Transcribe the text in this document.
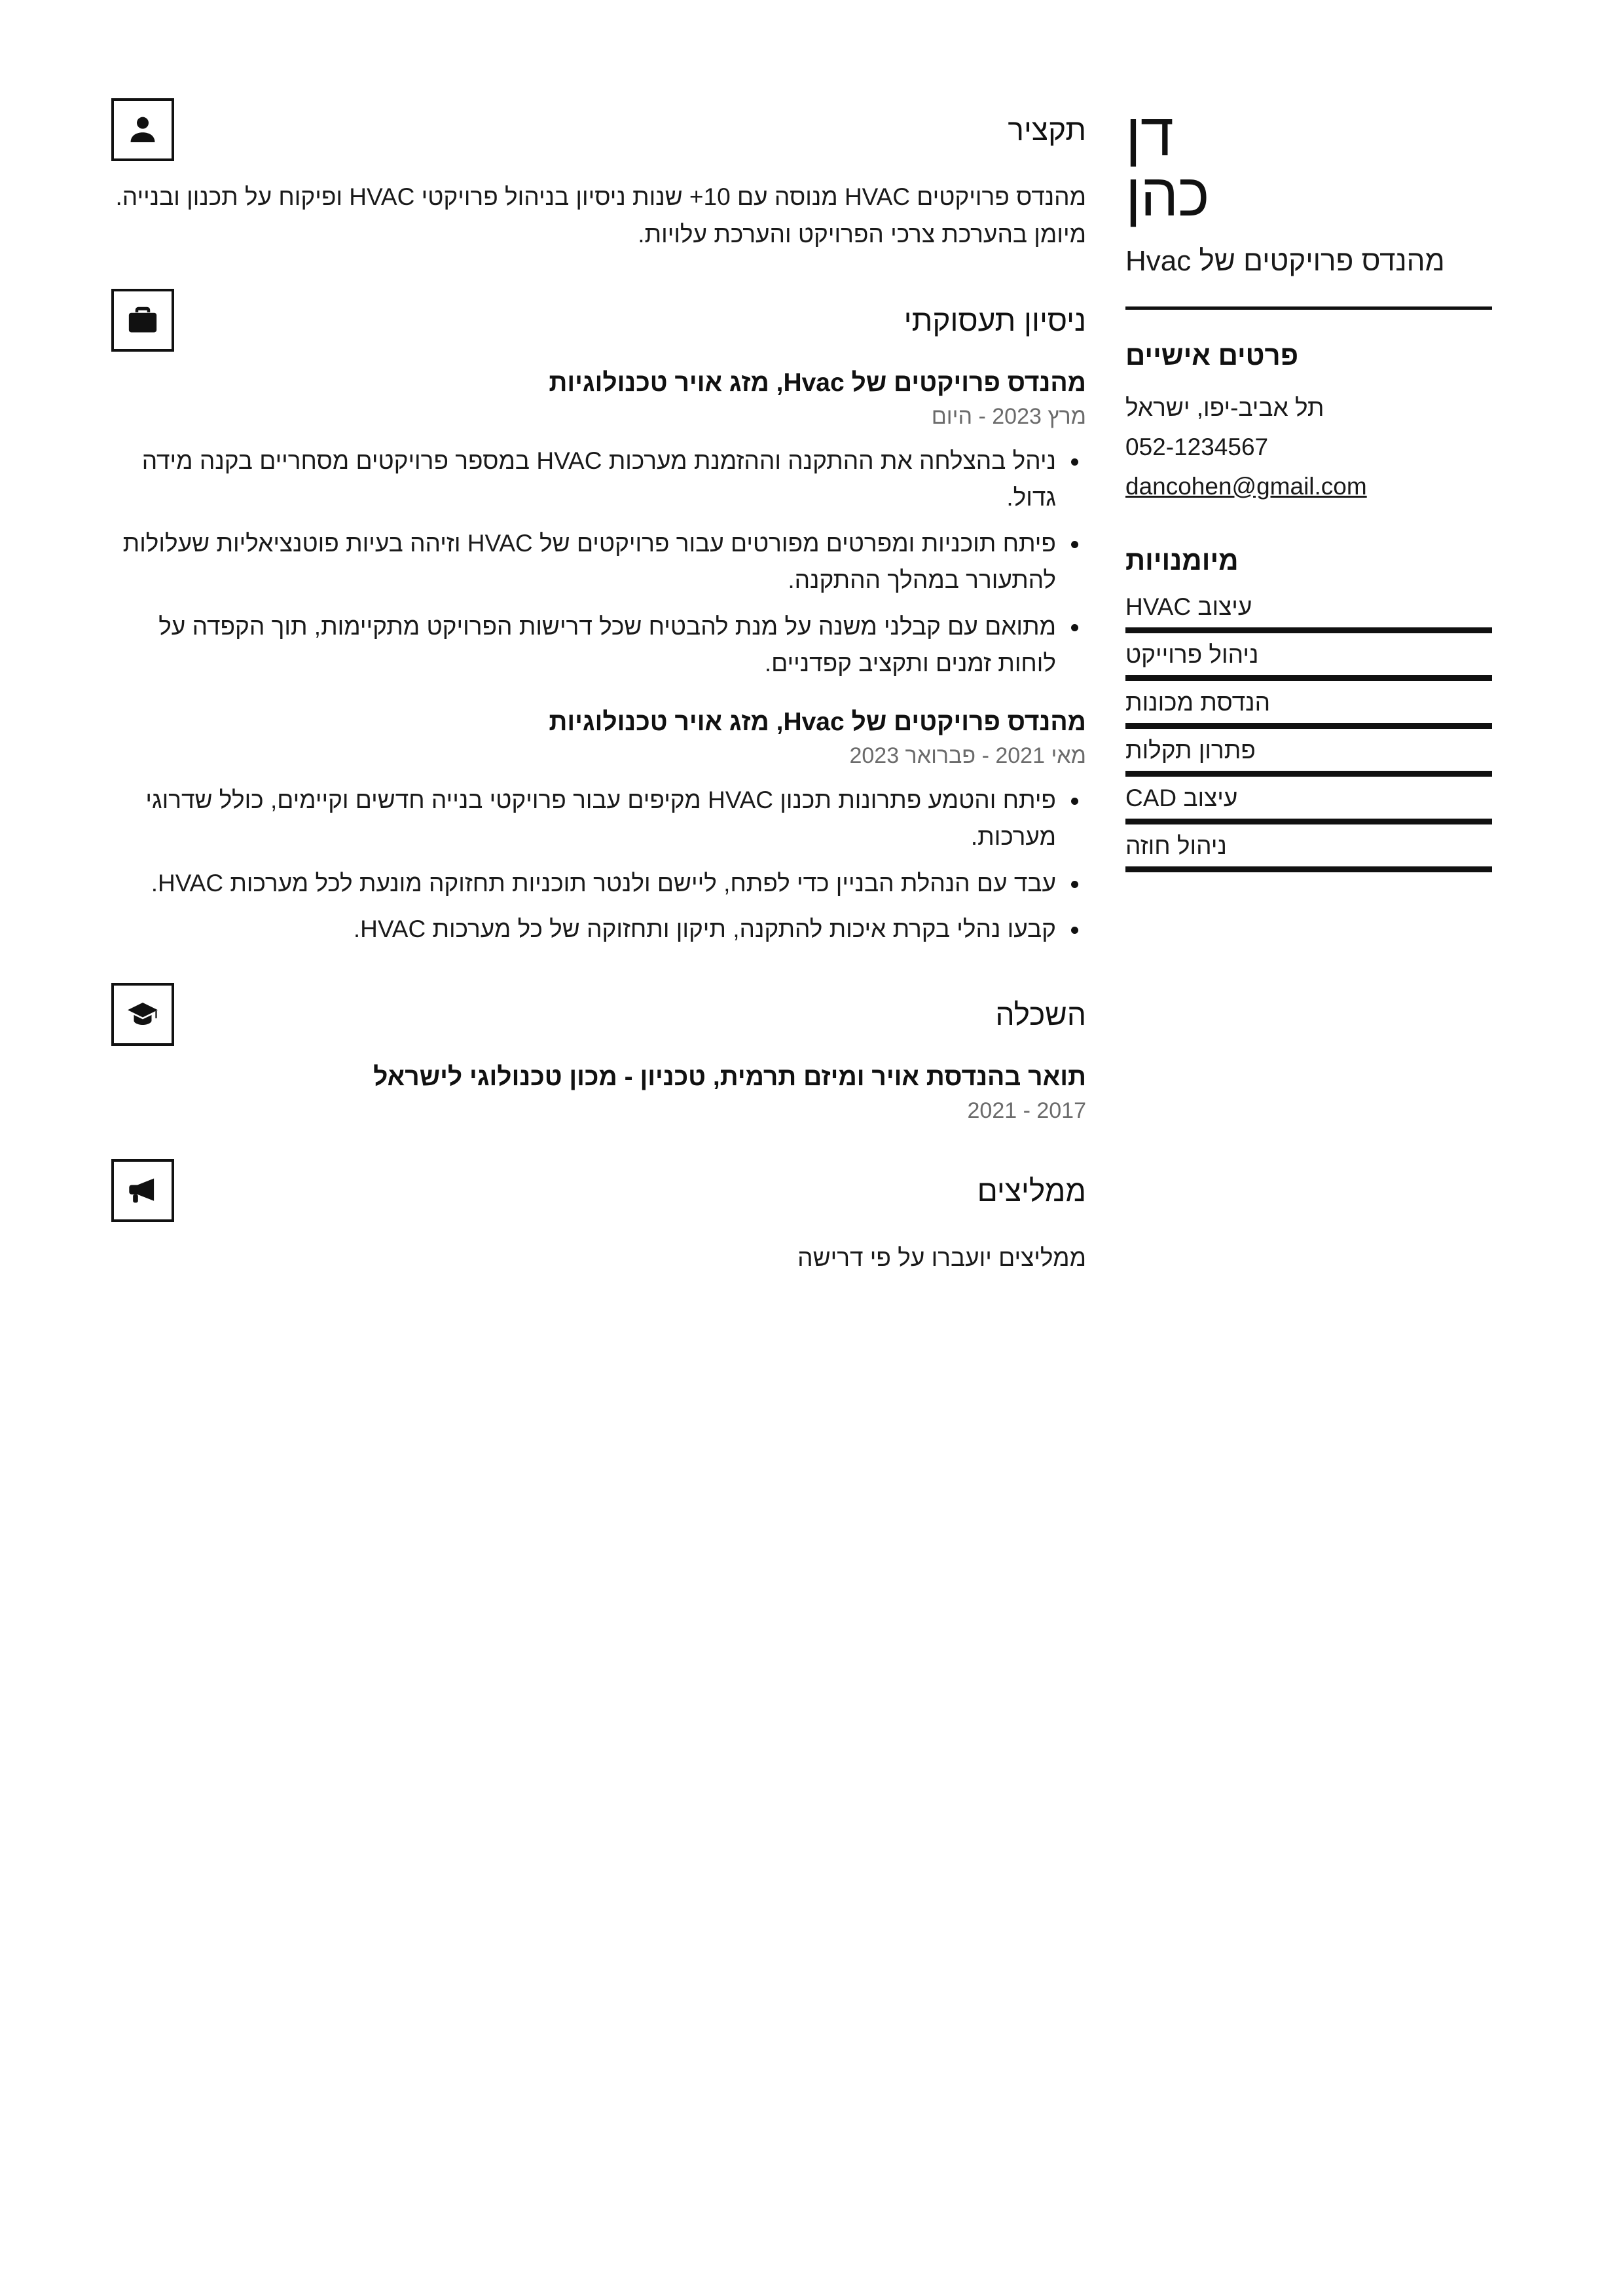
דן
כהן
מהנדס פרויקטים של Hvac
פרטים אישיים
תל אביב-יפו, ישראל
052-1234567
dancohen@gmail.com
מיומנויות
עיצוב HVAC
ניהול פרוייקט
הנדסת מכונות
פתרון תקלות
עיצוב CAD
ניהול חוזה
תקציר
מהנדס פרויקטים HVAC מנוסה עם 10+ שנות ניסיון בניהול פרויקטי HVAC ופיקוח על תכנון ובנייה. מיומן בהערכת צרכי הפרויקט והערכת עלויות.
ניסיון תעסוקתי
מהנדס פרויקטים של Hvac, מזג אויר טכנולוגיות
מרץ 2023 - היום
ניהל בהצלחה את ההתקנה וההזמנת מערכות HVAC במספר פרויקטים מסחריים בקנה מידה גדול.
פיתח תוכניות ומפרטים מפורטים עבור פרויקטים של HVAC וזיהה בעיות פוטנציאליות שעלולות להתעורר במהלך ההתקנה.
מתואם עם קבלני משנה על מנת להבטיח שכל דרישות הפרויקט מתקיימות, תוך הקפדה על לוחות זמנים ותקציב קפדניים.
מהנדס פרויקטים של Hvac, מזג אויר טכנולוגיות
מאי 2021 - פברואר 2023
פיתח והטמע פתרונות תכנון HVAC מקיפים עבור פרויקטי בנייה חדשים וקיימים, כולל שדרוגי מערכות.
עבד עם הנהלת הבניין כדי לפתח, ליישם ולנטר תוכניות תחזוקה מונעת לכל מערכות HVAC.
קבעו נהלי בקרת איכות להתקנה, תיקון ותחזוקה של כל מערכות HVAC.
השכלה
תואר בהנדסת אויר ומיזם תרמית, טכניון - מכון טכנולוגי לישראל
2017 - 2021
ממליצים
ממליצים יועברו על פי דרישה
